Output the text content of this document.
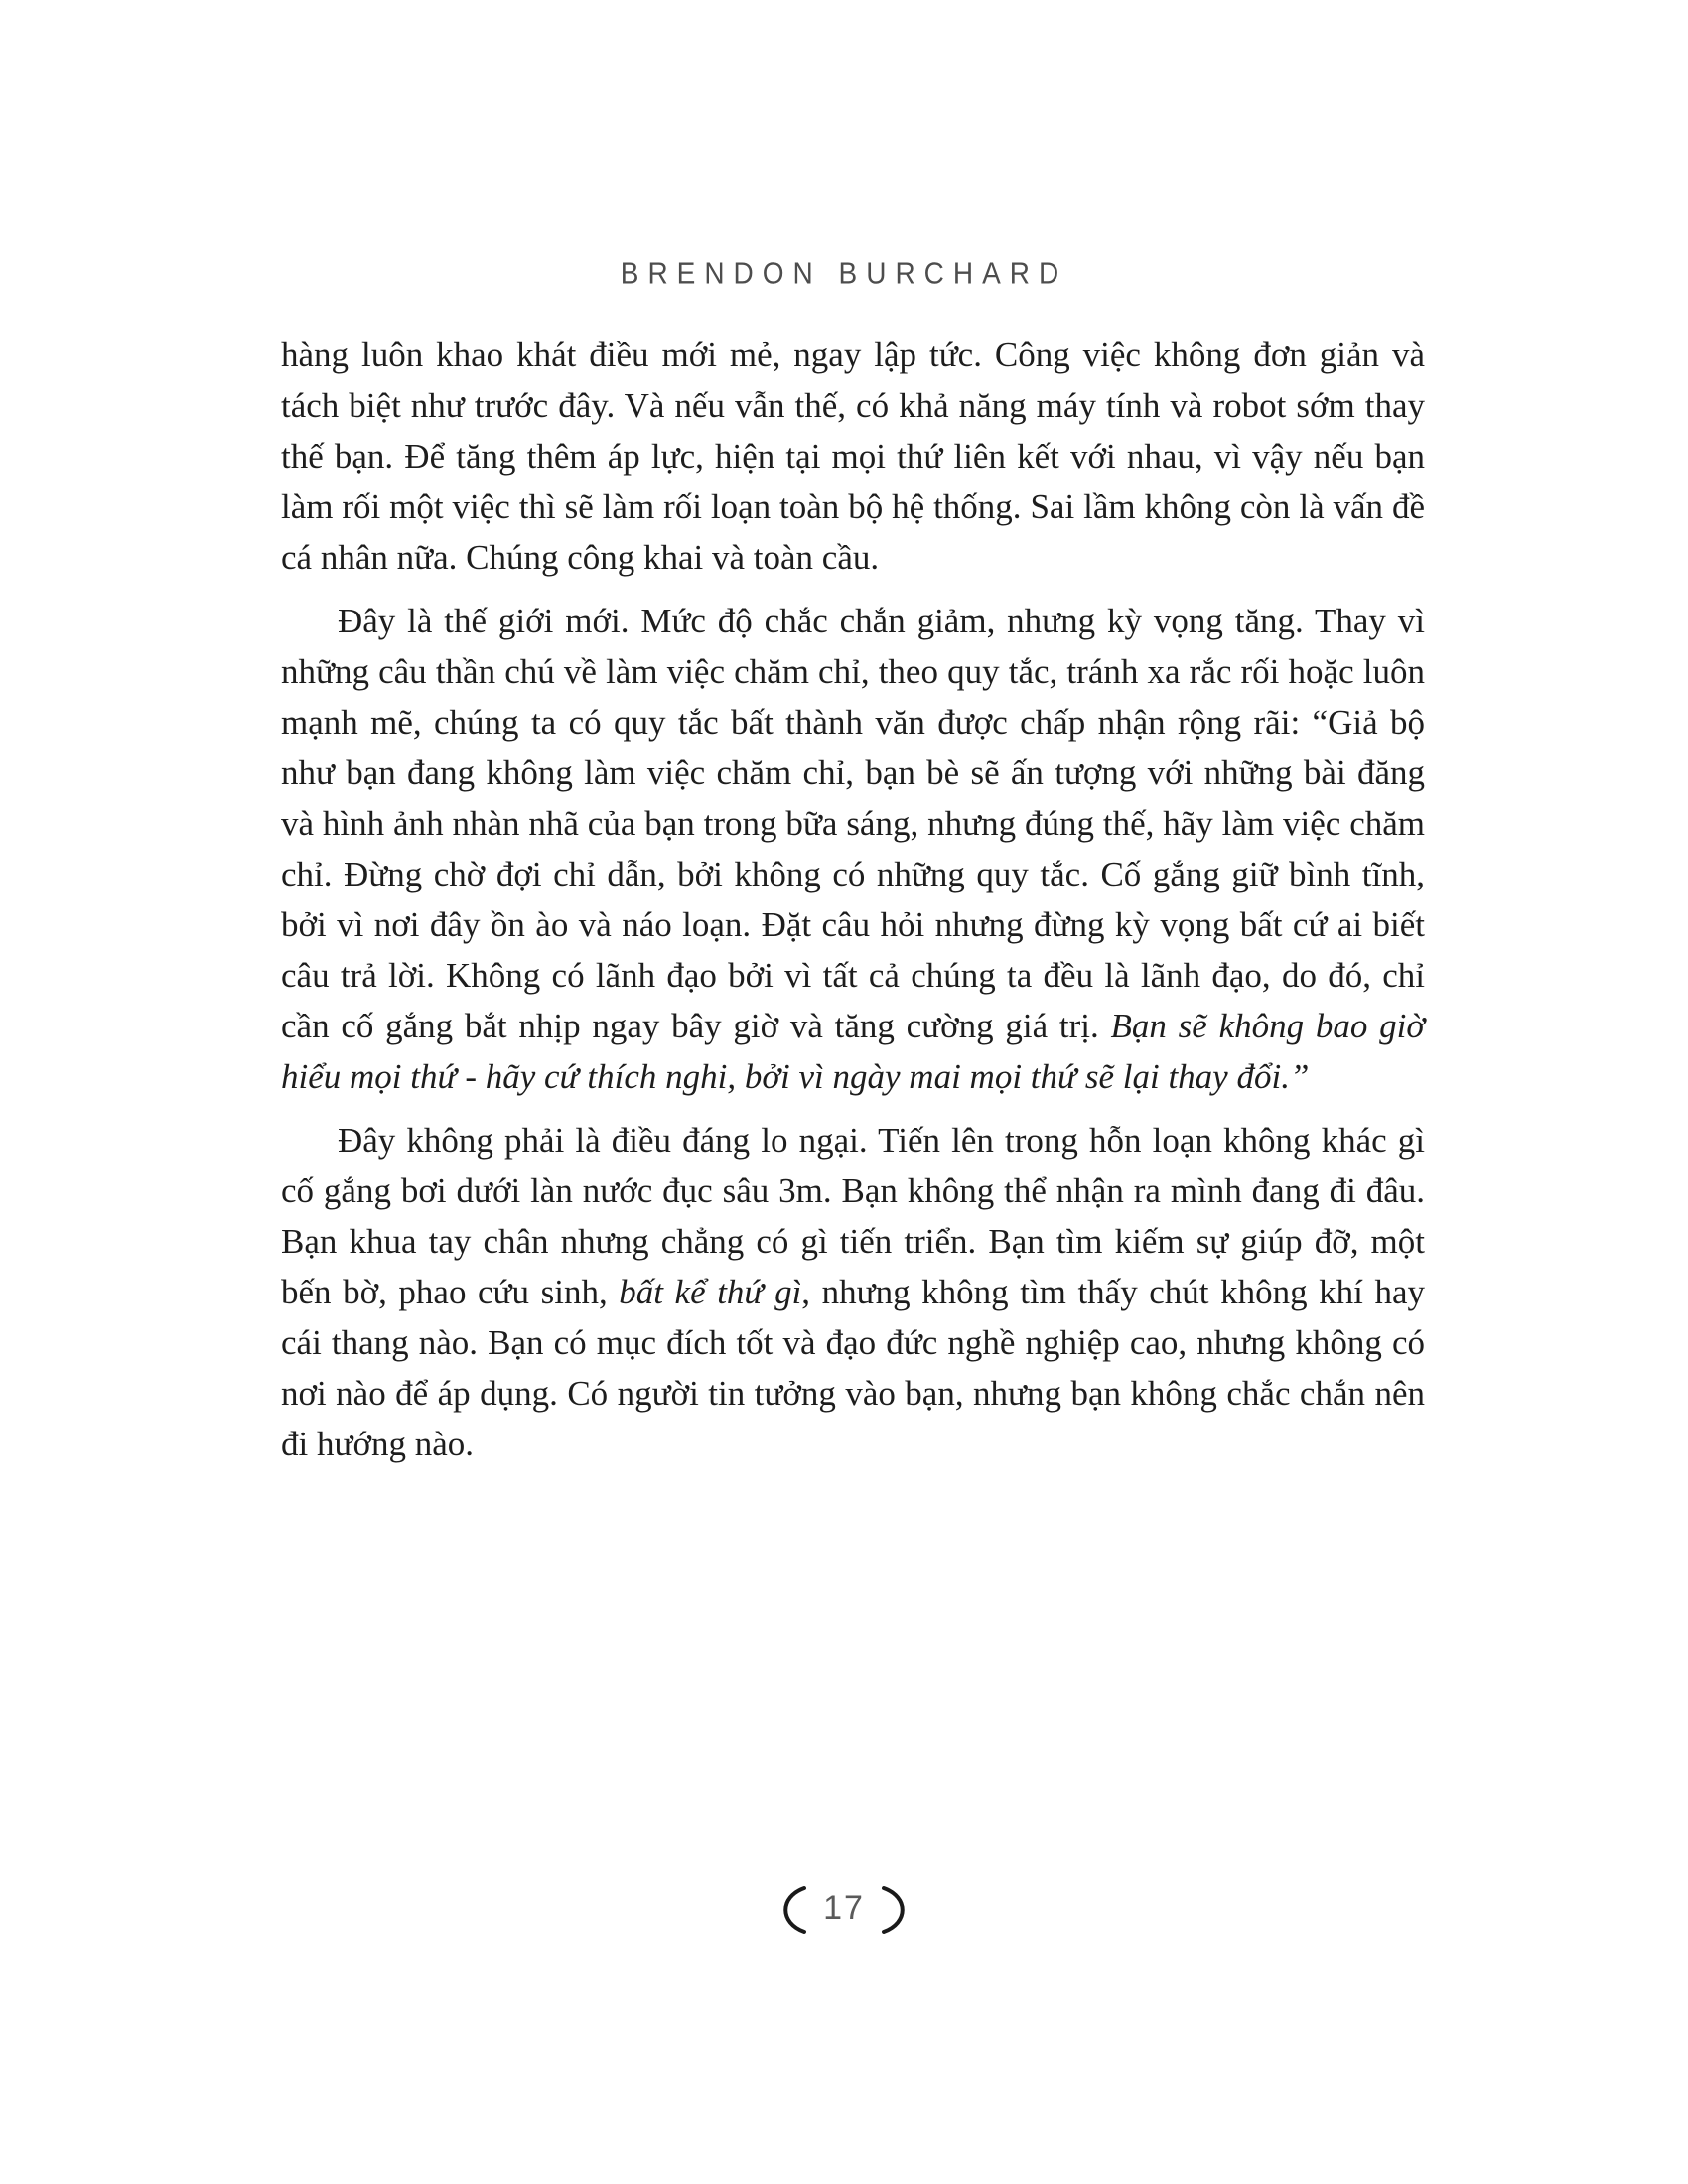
BRENDON BURCHARD

hàng luôn khao khát điều mới mẻ, ngay lập tức. Công việc không đơn giản và tách biệt như trước đây. Và nếu vẫn thế, có khả năng máy tính và robot sớm thay thế bạn. Để tăng thêm áp lực, hiện tại mọi thứ liên kết với nhau, vì vậy nếu bạn làm rối một việc thì sẽ làm rối loạn toàn bộ hệ thống. Sai lầm không còn là vấn đề cá nhân nữa. Chúng công khai và toàn cầu.

Đây là thế giới mới. Mức độ chắc chắn giảm, nhưng kỳ vọng tăng. Thay vì những câu thần chú về làm việc chăm chỉ, theo quy tắc, tránh xa rắc rối hoặc luôn mạnh mẽ, chúng ta có quy tắc bất thành văn được chấp nhận rộng rãi: “Giả bộ như bạn đang không làm việc chăm chỉ, bạn bè sẽ ấn tượng với những bài đăng và hình ảnh nhàn nhã của bạn trong bữa sáng, nhưng đúng thế, hãy làm việc chăm chỉ. Đừng chờ đợi chỉ dẫn, bởi không có những quy tắc. Cố gắng giữ bình tĩnh, bởi vì nơi đây ồn ào và náo loạn. Đặt câu hỏi nhưng đừng kỳ vọng bất cứ ai biết câu trả lời. Không có lãnh đạo bởi vì tất cả chúng ta đều là lãnh đạo, do đó, chỉ cần cố gắng bắt nhịp ngay bây giờ và tăng cường giá trị. Bạn sẽ không bao giờ hiểu mọi thứ - hãy cứ thích nghi, bởi vì ngày mai mọi thứ sẽ lại thay đổi.”

Đây không phải là điều đáng lo ngại. Tiến lên trong hỗn loạn không khác gì cố gắng bơi dưới làn nước đục sâu 3m. Bạn không thể nhận ra mình đang đi đâu. Bạn khua tay chân nhưng chẳng có gì tiến triển. Bạn tìm kiếm sự giúp đỡ, một bến bờ, phao cứu sinh, bất kể thứ gì, nhưng không tìm thấy chút không khí hay cái thang nào. Bạn có mục đích tốt và đạo đức nghề nghiệp cao, nhưng không có nơi nào để áp dụng. Có người tin tưởng vào bạn, nhưng bạn không chắc chắn nên đi hướng nào.

17
